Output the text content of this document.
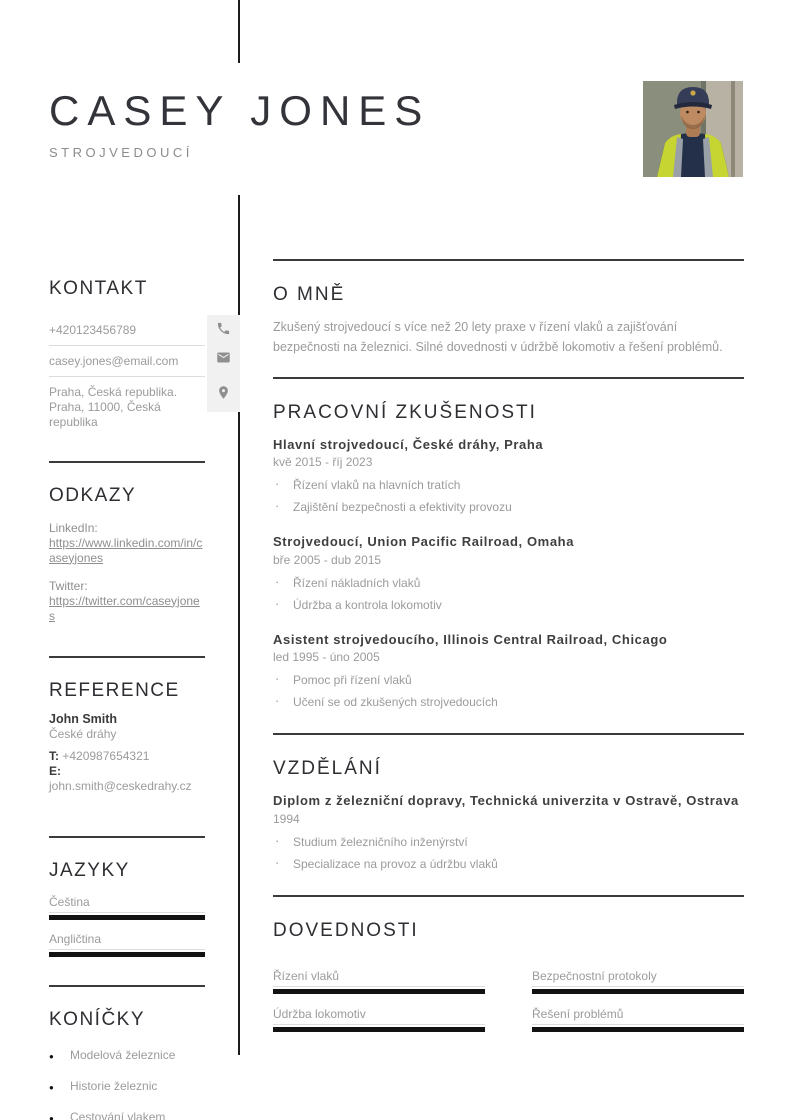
CASEY JONES
STROJVEDOUCÍ
KONTAKT
+420123456789
casey.jones@email.com
Praha, Česká republika.
Praha, 11000, Česká republika
ODKAZY
LinkedIn:
https://www.linkedin.com/in/caseyjones
Twitter:
https://twitter.com/caseyjones
REFERENCE
John Smith
České dráhy
T: +420987654321
E: john.smith@ceskedrahy.cz
JAZYKY
Čeština
Angličtina
KONÍČKY
● Modelová železnice
● Historie železnic
● Cestování vlakem
O MNĚ

Zkušený strojvedoucí s více než 20 lety praxe v řízení vlaků a zajišťování bezpečnosti na železnici. Silné dovednosti v údržbě lokomotiv a řešení problémů.

PRACOVNÍ ZKUŠENOSTI
Hlavní strojvedoucí, České dráhy, Praha
kvě 2015 - říj 2023
· Řízení vlaků na hlavních tratích
· Zajištění bezpečnosti a efektivity provozu
Strojvedoucí, Union Pacific Railroad, Omaha
bře 2005 - dub 2015
· Řízení nákladních vlaků
· Údržba a kontrola lokomotiv
Asistent strojvedoucího, Illinois Central Railroad, Chicago
led 1995 - úno 2005
· Pomoc při řízení vlaků
· Učení se od zkušených strojvedoucích
VZDĚLÁNÍ
Diplom z železniční dopravy, Technická univerzita v Ostravě, Ostrava
1994
· Studium železničního inženýrství
· Specializace na provoz a údržbu vlaků
DOVEDNOSTI
Řízení vlaků	Bezpečnostní protokoly
Údržba lokomotiv	Řešení problémů
